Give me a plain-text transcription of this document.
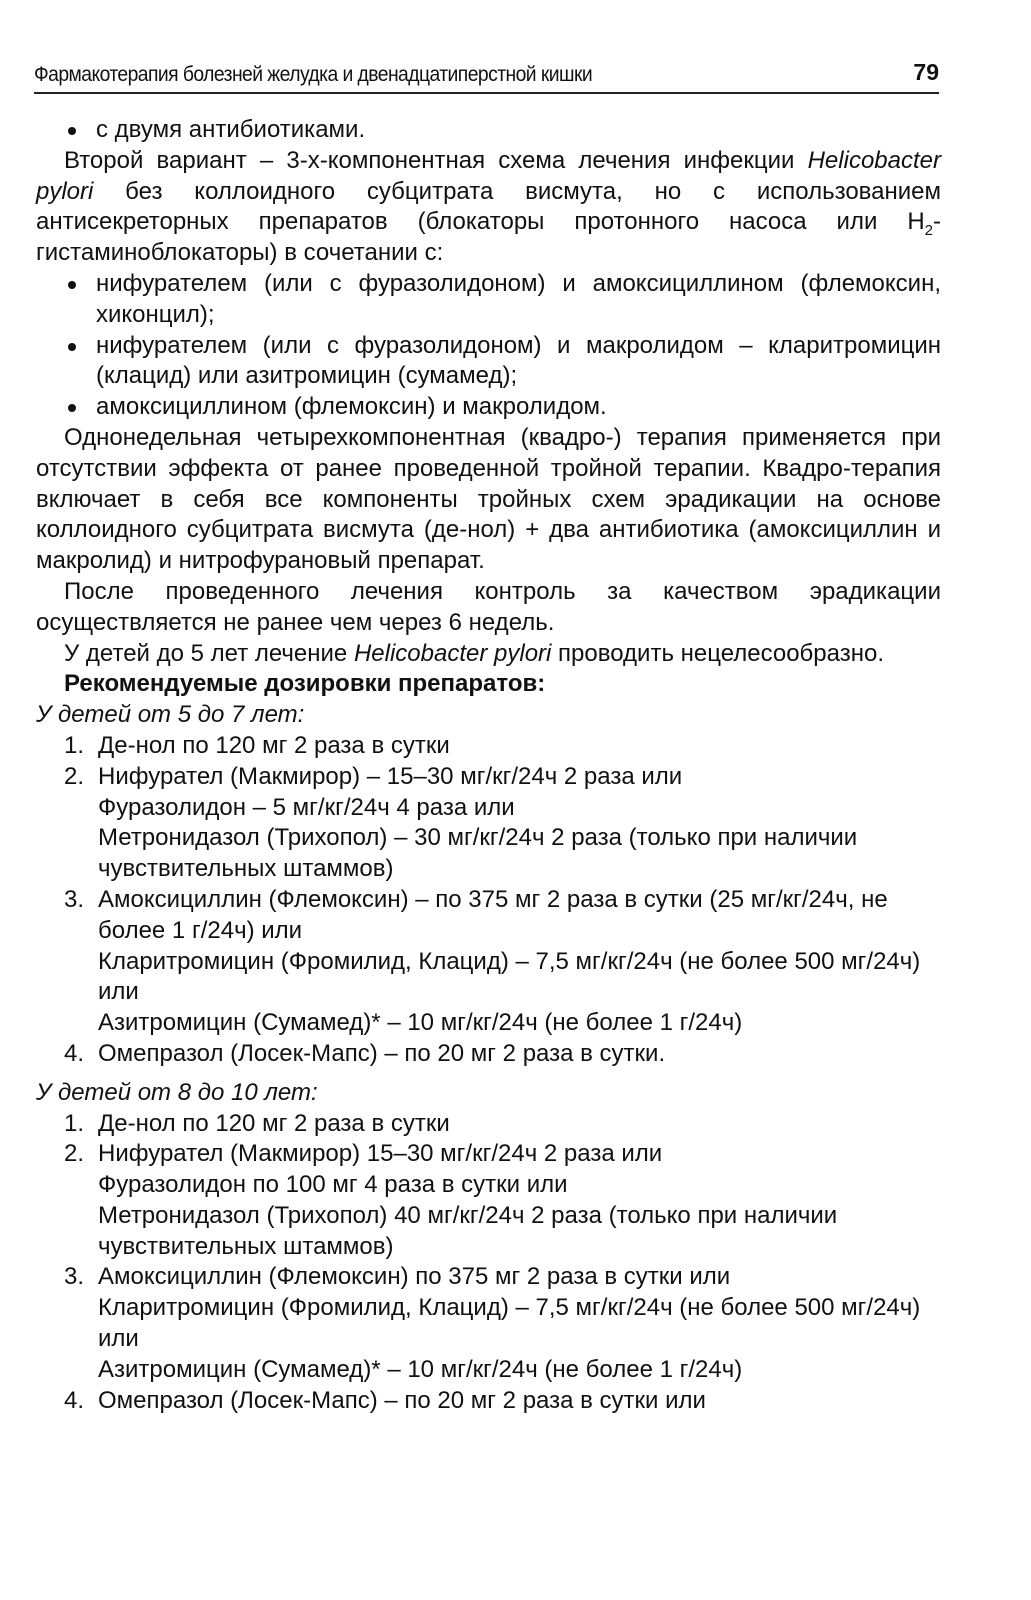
Фармакотерапия болезней желудка и двенадцатиперстной кишки	79
с двумя антибиотиками.

Второй вариант – 3-х-компонентная схема лечения инфекции Helicobacter pylori без коллоидного субцитрата висмута, но с использованием антисекреторных препаратов (блокаторы протонного насоса или $Н_2-гистаминоблокаторы$) в сочетании с:

нифурателем (или с фуразолидоном) и амоксициллином (флемоксин, хиконцил);
нифурателем (или с фуразолидоном) и макролидом – кларитромицин (клацид) или азитромицин (сумамед);
амоксициллином (флемоксин) и макролидом.

Однонедельная четырехкомпонентная (квадро-) терапия применяется при отсутствии эффекта от ранее проведенной тройной терапии. Квадро-терапия включает в себя все компоненты тройных схем эрадикации на основе коллоидного субцитрата висмута (де-нол) + два антибиотика (амоксициллин и макролид) и нитрофурановый препарат.

После проведенного лечения контроль за качеством эрадикации осуществляется не ранее чем через 6 недель.

У детей до 5 лет лечение Helicobacter pylori проводить нецелесообразно.

Рекомендуемые дозировки препаратов:

У детей от 5 до 7 лет:

1. Де-нол по 120 мг 2 раза в сутки
2. Нифурател (Макмирор) – 15–30 мг/кг/24ч 2 раза или
Фуразолидон – 5 мг/кг/24ч 4 раза или
Метронидазол (Трихопол) – 30 мг/кг/24ч 2 раза (только при наличии чувствительных штаммов)
3. Амоксициллин (Флемоксин) – по 375 мг 2 раза в сутки (25 мг/кг/24ч, не более 1 г/24ч) или
Кларитромицин (Фромилид, Клацид) – 7,5 мг/кг/24ч (не более 500 мг/24ч) или
Азитромицин (Сумамед)* – 10 мг/кг/24ч (не более 1 г/24ч)
4. Омепразол (Лосек-Мапс) – по 20 мг 2 раза в сутки.

У детей от 8 до 10 лет:

1. Де-нол по 120 мг 2 раза в сутки
2. Нифурател (Макмирор) 15–30 мг/кг/24ч 2 раза или
Фуразолидон по 100 мг 4 раза в сутки или
Метронидазол (Трихопол) 40 мг/кг/24ч 2 раза (только при наличии чувствительных штаммов)
3. Амоксициллин (Флемоксин) по 375 мг 2 раза в сутки или
Кларитромицин (Фромилид, Клацид) – 7,5 мг/кг/24ч (не более 500 мг/24ч) или
Азитромицин (Сумамед)* – 10 мг/кг/24ч (не более 1 г/24ч)
4. Омепразол (Лосек-Мапс) – по 20 мг 2 раза в сутки или
